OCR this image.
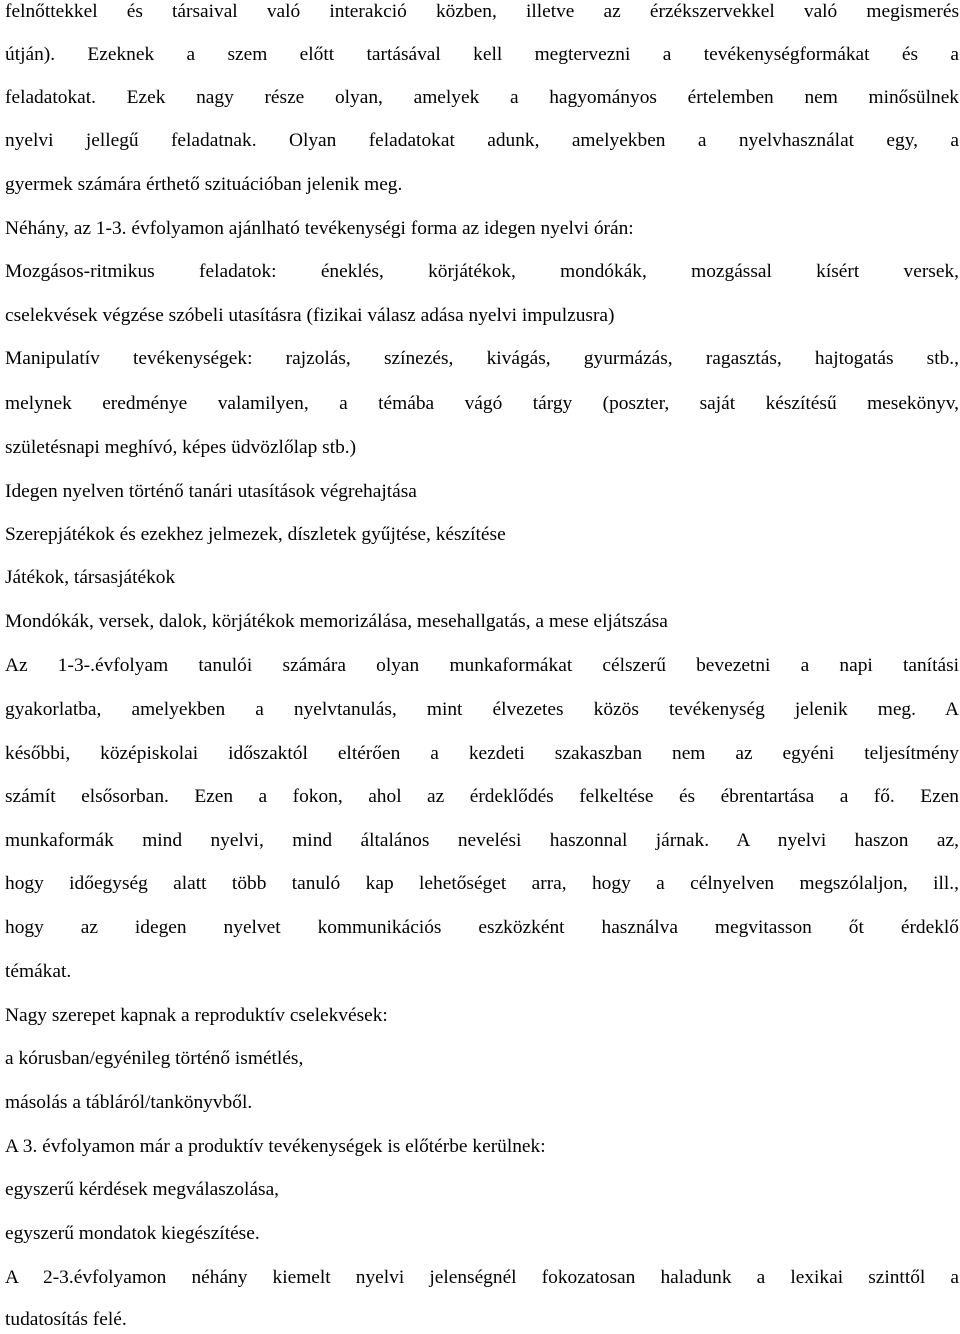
felnőttekkel és társaival való interakció közben, illetve az érzékszervekkel való megismerés
útján). Ezeknek a szem előtt tartásával kell megtervezni a tevékenységformákat és a
feladatokat. Ezek nagy része olyan, amelyek a hagyományos értelemben nem minősülnek
nyelvi jellegű feladatnak. Olyan feladatokat adunk, amelyekben a nyelvhasználat egy, a
gyermek számára érthető szituációban jelenik meg.
Néhány, az 1-3. évfolyamon ajánlható tevékenységi forma az idegen nyelvi órán:
Mozgásos-ritmikus feladatok: éneklés, körjátékok, mondókák, mozgással kísért versek,
cselekvések végzése szóbeli utasításra (fizikai válasz adása nyelvi impulzusra)
Manipulatív tevékenységek: rajzolás, színezés, kivágás, gyurmázás, ragasztás, hajtogatás stb.,
melynek eredménye valamilyen, a témába vágó tárgy (poszter, saját készítésű mesekönyv,
születésnapi meghívó, képes üdvözlőlap stb.)
Idegen nyelven történő tanári utasítások végrehajtása
Szerepjátékok és ezekhez jelmezek, díszletek gyűjtése, készítése
Játékok, társasjátékok
Mondókák, versek, dalok, körjátékok memorizálása, mesehallgatás, a mese eljátszása
Az 1-3-.évfolyam tanulói számára olyan munkaformákat célszerű bevezetni a napi tanítási
gyakorlatba, amelyekben a nyelvtanulás, mint élvezetes közös tevékenység jelenik meg. A
későbbi, középiskolai időszaktól eltérően a kezdeti szakaszban nem az egyéni teljesítmény
számít elsősorban. Ezen a fokon, ahol az érdeklődés felkeltése és ébrentartása a fő. Ezen
munkaformák mind nyelvi, mind általános nevelési haszonnal járnak. A nyelvi haszon az,
hogy időegység alatt több tanuló kap lehetőséget arra, hogy a célnyelven megszólaljon, ill.,
hogy az idegen nyelvet kommunikációs eszközként használva megvitasson őt érdeklő
témákat.
Nagy szerepet kapnak a reproduktív cselekvések:
a kórusban/egyénileg történő ismétlés,
másolás a tábláról/tankönyvből.
A 3. évfolyamon már a produktív tevékenységek is előtérbe kerülnek:
egyszerű kérdések megválaszolása,
egyszerű mondatok kiegészítése.
A 2-3.évfolyamon néhány kiemelt nyelvi jelenségnél fokozatosan haladunk a lexikai szinttől a
tudatosítás felé.
